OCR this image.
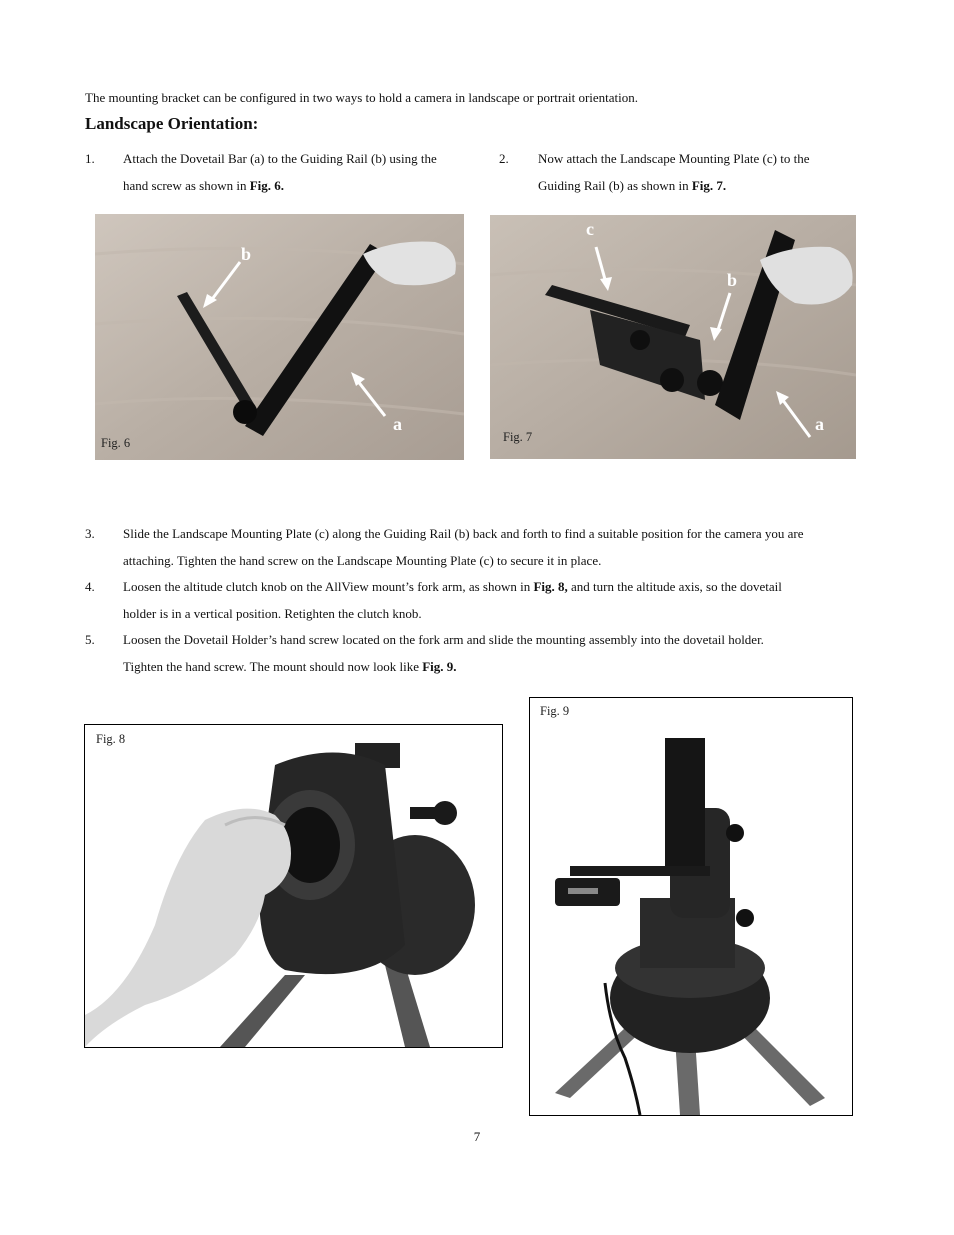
The mounting bracket can be configured in two ways to hold a camera in landscape or portrait orientation.
Landscape Orientation:
1. Attach the Dovetail Bar (a) to the Guiding Rail (b) using the
hand screw as shown in Fig. 6.
2. Now attach the Landscape Mounting Plate (c) to the
Guiding Rail (b) as shown in Fig. 7.
b
a
Fig. 6
c
b
a
Fig. 7
3. Slide the Landscape Mounting Plate (c) along the Guiding Rail (b) back and forth to find a suitable position for the camera you are
attaching. Tighten the hand screw on the Landscape Mounting Plate (c) to secure it in place.
4. Loosen the altitude clutch knob on the AllView mount’s fork arm, as shown in Fig. 8, and turn the altitude axis, so the dovetail
holder is in a vertical position. Retighten the clutch knob.
5. Loosen the Dovetail Holder’s hand screw located on the fork arm and slide the mounting assembly into the dovetail holder.
Tighten the hand screw. The mount should now look like Fig. 9.
Fig. 8
Fig. 9
7
